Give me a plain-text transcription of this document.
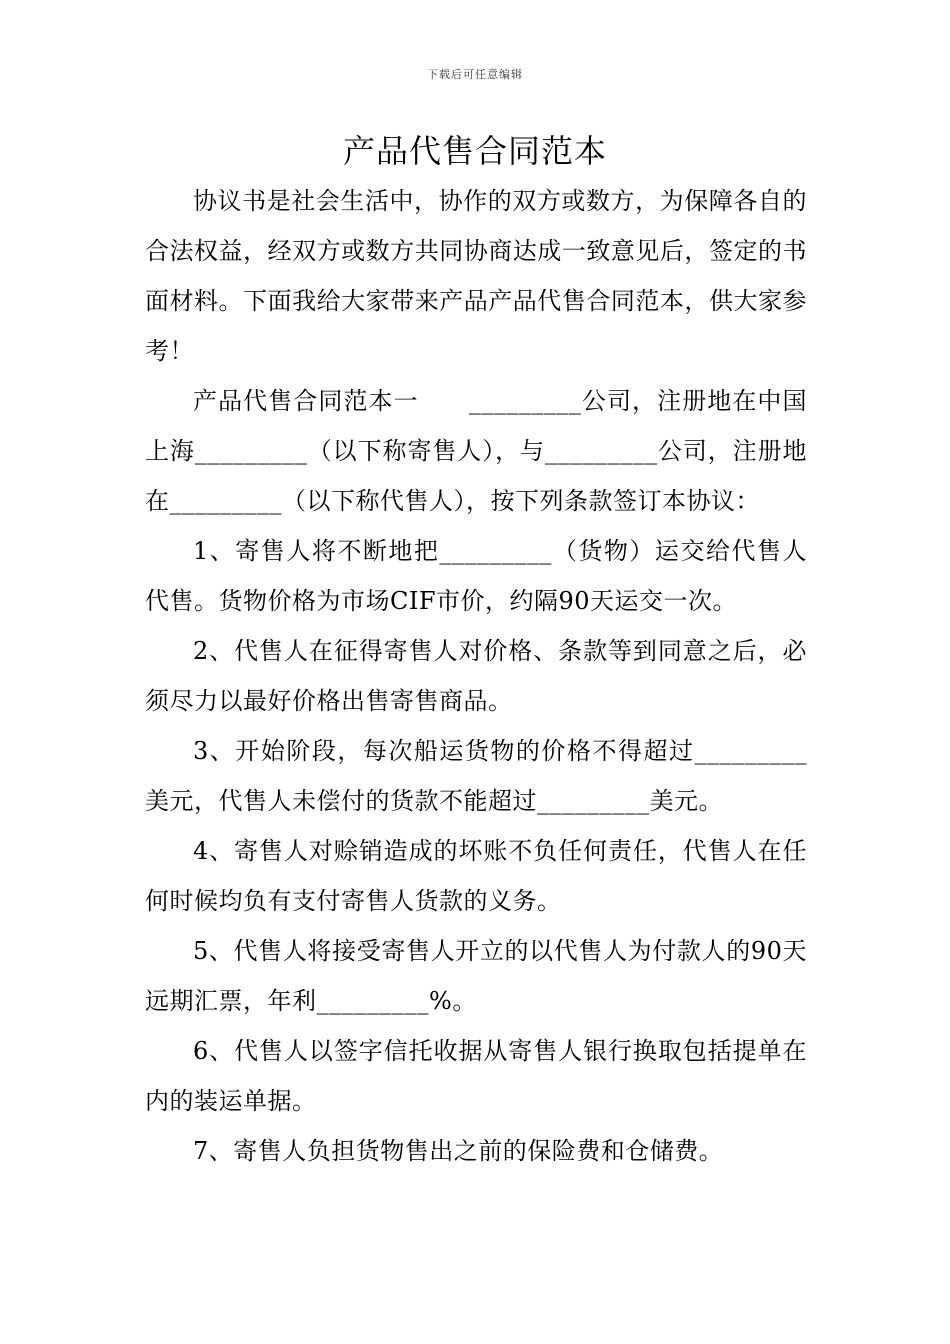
下载后可任意编辑
产品代售合同范本

协议书是社会生活中，协作的双方或数方，为保障各自的合法权益，经双方或数方共同协商达成一致意见后，签定的书面材料。下面我给大家带来产品产品代售合同范本，供大家参考！

产品代售合同范本一　　_________公司，注册地在中国上海_________（以下称寄售人），与_________公司，注册地在_________（以下称代售人），按下列条款签订本协议：

1、寄售人将不断地把_________（货物）运交给代售人代售。货物价格为市场CIF市价，约隔90天运交一次。

2、代售人在征得寄售人对价格、条款等到同意之后，必须尽力以最好价格出售寄售商品。

3、开始阶段，每次船运货物的价格不得超过_________美元，代售人未偿付的货款不能超过_________美元。

4、寄售人对赊销造成的坏账不负任何责任，代售人在任何时候均负有支付寄售人货款的义务。

5、代售人将接受寄售人开立的以代售人为付款人的90天远期汇票，年利_________%。

6、代售人以签字信托收据从寄售人银行换取包括提单在内的装运单据。

7、寄售人负担货物售出之前的保险费和仓储费。
